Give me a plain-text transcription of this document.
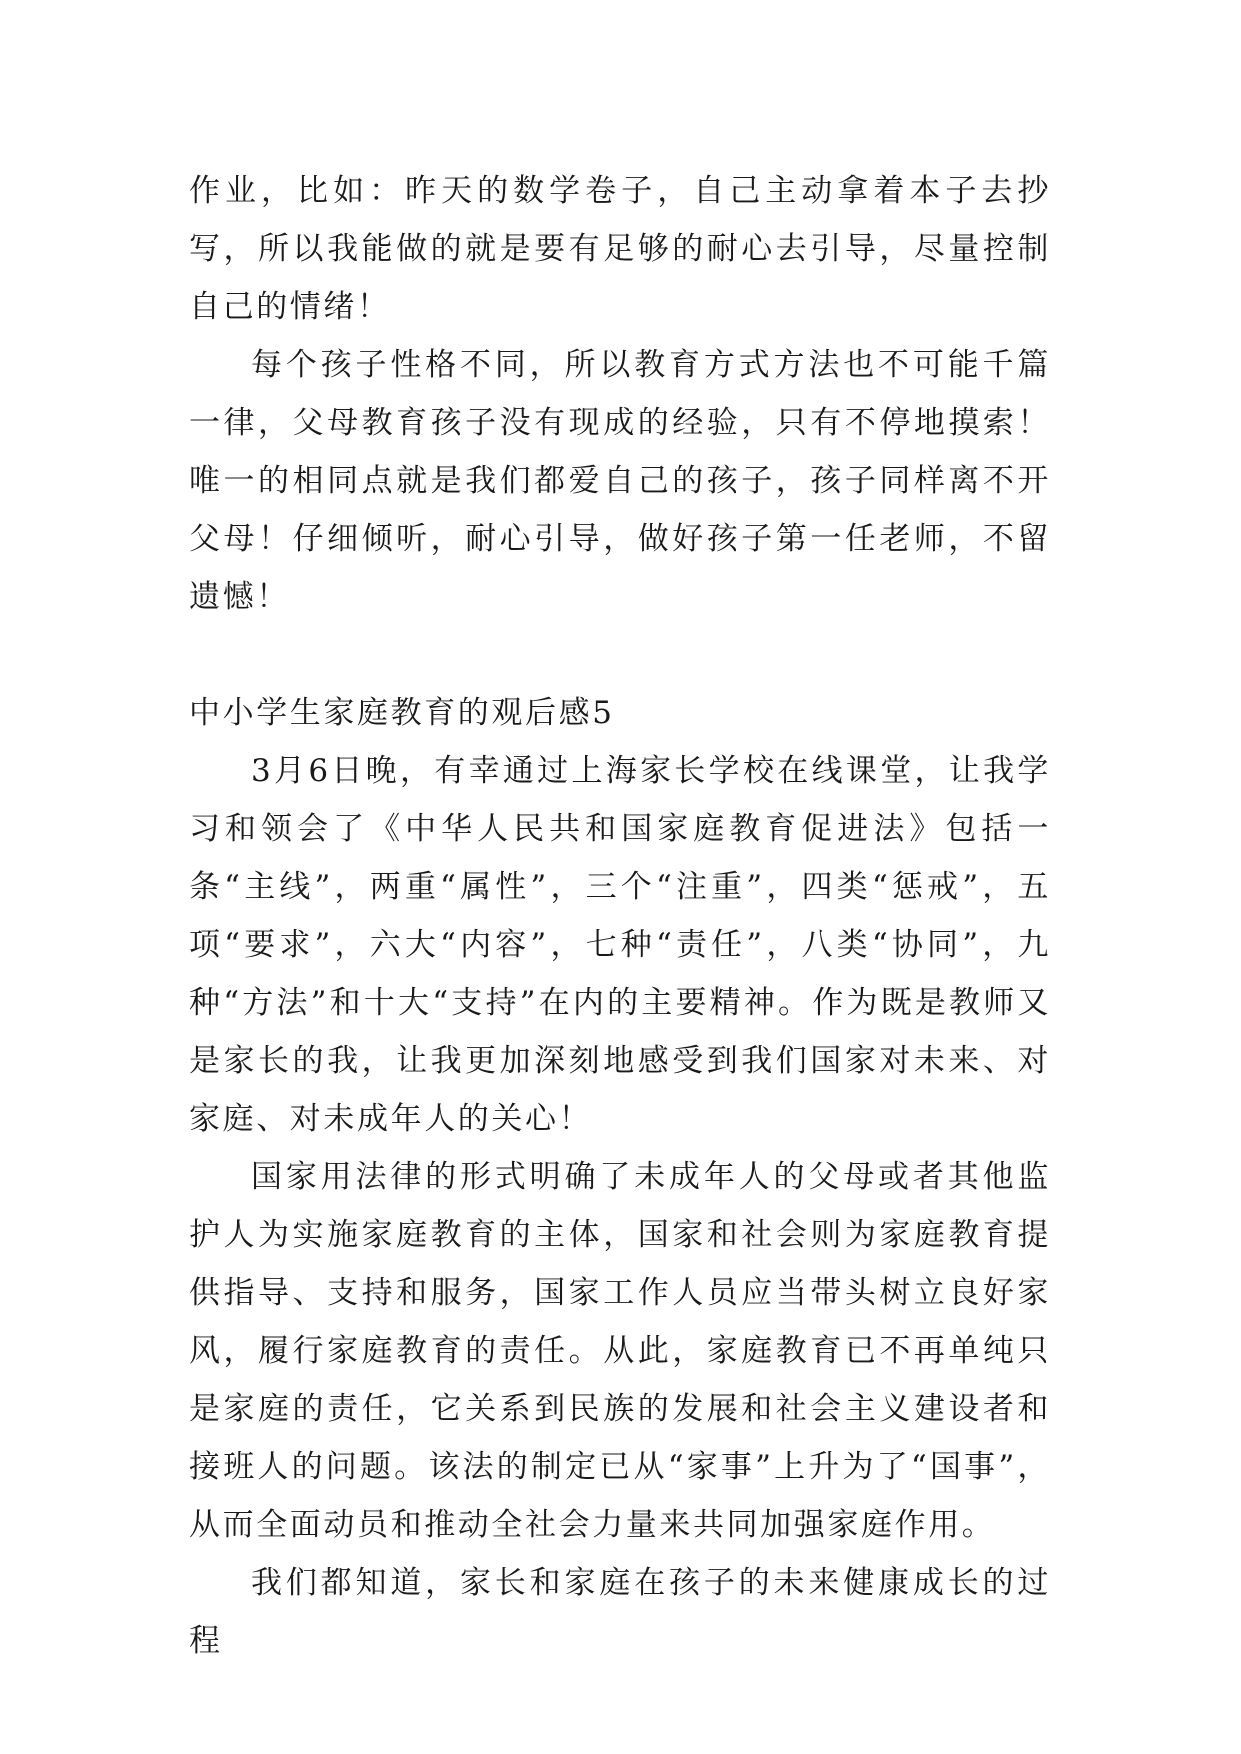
作业，比如：昨天的数学卷子，自己主动拿着本子去抄写，所以我能做的就是要有足够的耐心去引导，尽量控制自己的情绪！

每个孩子性格不同，所以教育方式方法也不可能千篇一律，父母教育孩子没有现成的经验，只有不停地摸索！唯一的相同点就是我们都爱自己的孩子，孩子同样离不开父母！仔细倾听，耐心引导，做好孩子第一任老师，不留遗憾！

中小学生家庭教育的观后感5

3月6日晚，有幸通过上海家长学校在线课堂，让我学习和领会了《中华人民共和国家庭教育促进法》包括一条“主线”，两重“属性”，三个“注重”，四类“惩戒”，五项“要求”，六大“内容”，七种“责任”，八类“协同”，九种“方法”和十大“支持”在内的主要精神。作为既是教师又是家长的我，让我更加深刻地感受到我们国家对未来、对家庭、对未成年人的关心！

国家用法律的形式明确了未成年人的父母或者其他监护人为实施家庭教育的主体，国家和社会则为家庭教育提供指导、支持和服务，国家工作人员应当带头树立良好家风，履行家庭教育的责任。从此，家庭教育已不再单纯只是家庭的责任，它关系到民族的发展和社会主义建设者和接班人的问题。该法的制定已从“家事”上升为了“国事”，从而全面动员和推动全社会力量来共同加强家庭作用。

我们都知道，家长和家庭在孩子的未来健康成长的过程
